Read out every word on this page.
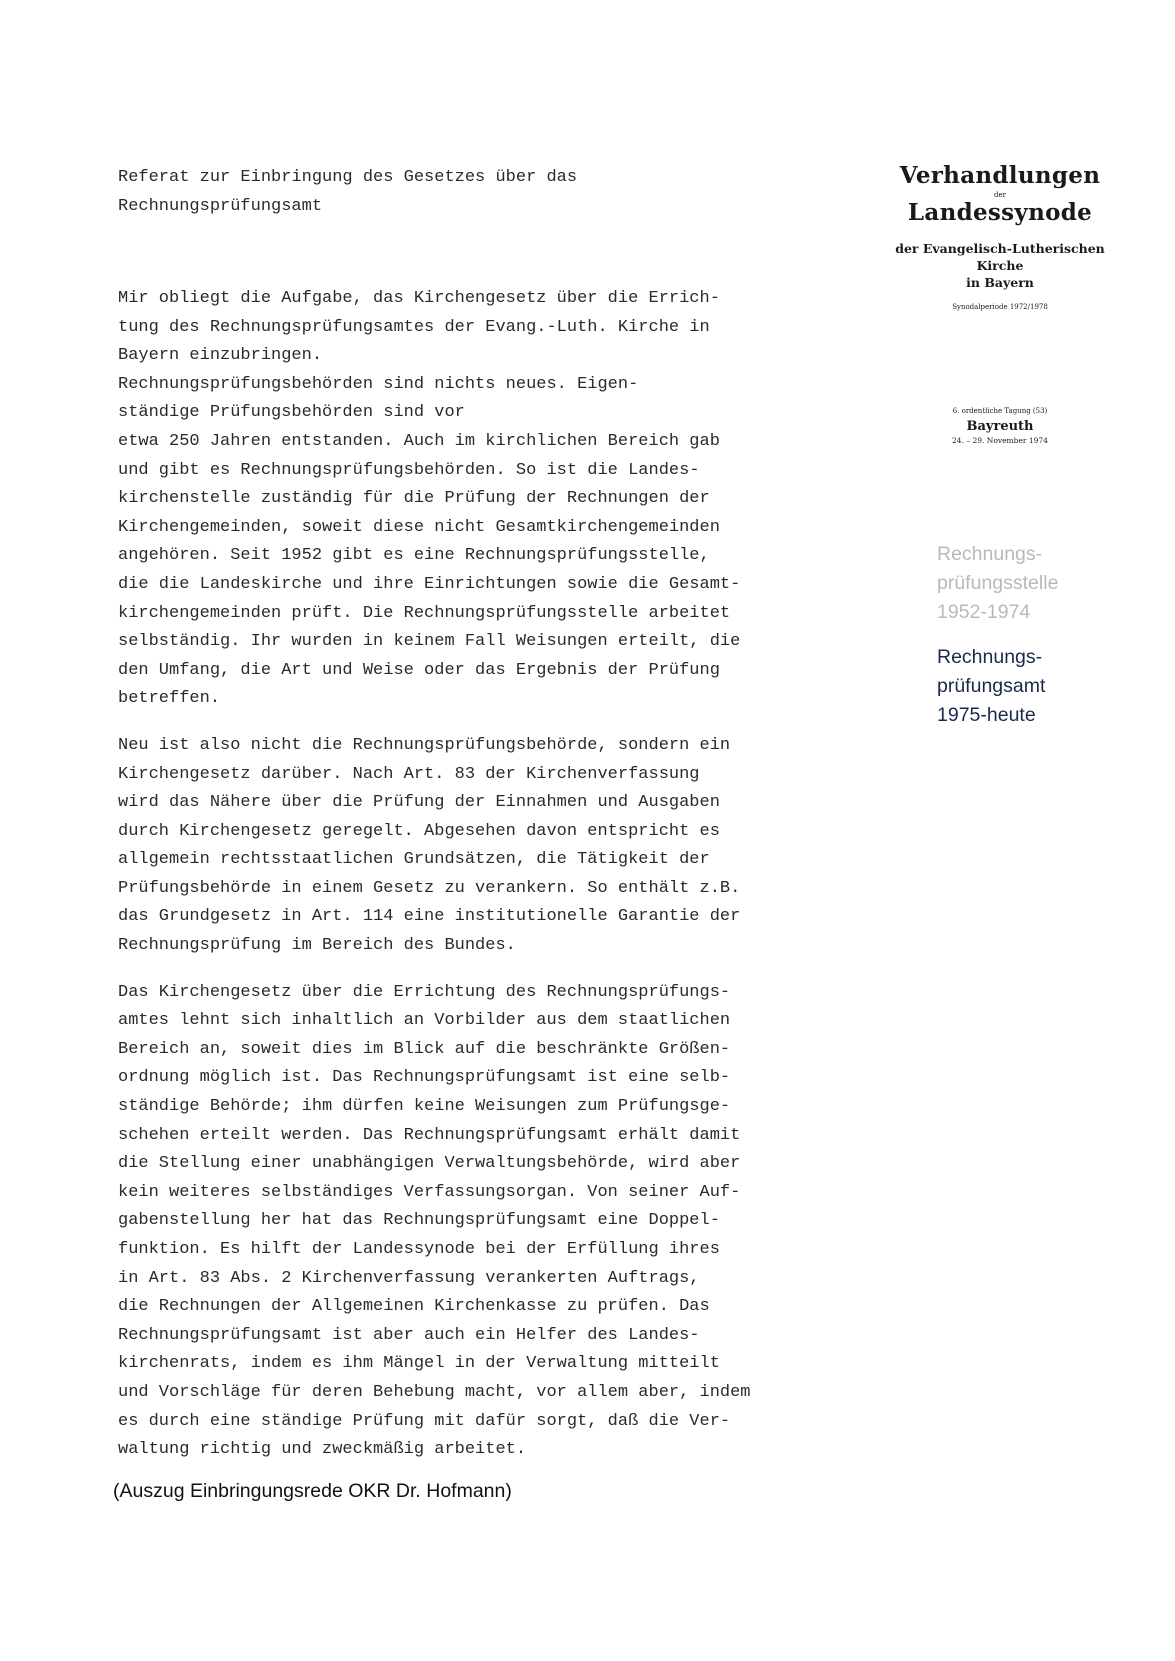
Referat zur Einbringung des Gesetzes über das
Rechnungsprüfungsamt

Mir obliegt die Aufgabe, das Kirchengesetz über die Errich-
tung des Rechnungsprüfungsamtes der Evang.-Luth. Kirche in
Bayern einzubringen.
Rechnungsprüfungsbehörden sind nichts neues. Eigen-
ständige Prüfungsbehörden sind vor
etwa 250 Jahren entstanden. Auch im kirchlichen Bereich gab
und gibt es Rechnungsprüfungsbehörden. So ist die Landes-
kirchenstelle zuständig für die Prüfung der Rechnungen der
Kirchengemeinden, soweit diese nicht Gesamtkirchengemeinden
angehören. Seit 1952 gibt es eine Rechnungsprüfungsstelle,
die die Landeskirche und ihre Einrichtungen sowie die Gesamt-
kirchengemeinden prüft. Die Rechnungsprüfungsstelle arbeitet
selbständig. Ihr wurden in keinem Fall Weisungen erteilt, die
den Umfang, die Art und Weise oder das Ergebnis der Prüfung
betreffen.

Neu ist also nicht die Rechnungsprüfungsbehörde, sondern ein
Kirchengesetz darüber. Nach Art. 83 der Kirchenverfassung
wird das Nähere über die Prüfung der Einnahmen und Ausgaben
durch Kirchengesetz geregelt. Abgesehen davon entspricht es
allgemein rechtsstaatlichen Grundsätzen, die Tätigkeit der
Prüfungsbehörde in einem Gesetz zu verankern. So enthält z.B.
das Grundgesetz in Art. 114 eine institutionelle Garantie der
Rechnungsprüfung im Bereich des Bundes.

Das Kirchengesetz über die Errichtung des Rechnungsprüfungs-
amtes lehnt sich inhaltlich an Vorbilder aus dem staatlichen
Bereich an, soweit dies im Blick auf die beschränkte Größen-
ordnung möglich ist. Das Rechnungsprüfungsamt ist eine selb-
ständige Behörde; ihm dürfen keine Weisungen zum Prüfungsge-
schehen erteilt werden. Das Rechnungsprüfungsamt erhält damit
die Stellung einer unabhängigen Verwaltungsbehörde, wird aber
kein weiteres selbständiges Verfassungsorgan. Von seiner Auf-
gabenstellung her hat das Rechnungsprüfungsamt eine Doppel-
funktion. Es hilft der Landessynode bei der Erfüllung ihres
in Art. 83 Abs. 2 Kirchenverfassung verankerten Auftrags,
die Rechnungen der Allgemeinen Kirchenkasse zu prüfen. Das
Rechnungsprüfungsamt ist aber auch ein Helfer des Landes-
kirchenrats, indem es ihm Mängel in der Verwaltung mitteilt
und Vorschläge für deren Behebung macht, vor allem aber, indem
es durch eine ständige Prüfung mit dafür sorgt, daß die Ver-
waltung richtig und zweckmäßig arbeitet.

(Auszug Einbringungsrede OKR Dr. Hofmann)
Verhandlungen
der
Landessynode
der Evangelisch-Lutherischen Kirche
in Bayern
Synodalperiode 1972/1978
6. ordentliche Tagung (53)
Bayreuth
24. – 29. November 1974
Rechnungs-
prüfungsstelle
1952-1974
Rechnungs-
prüfungsamt
1975-heute
